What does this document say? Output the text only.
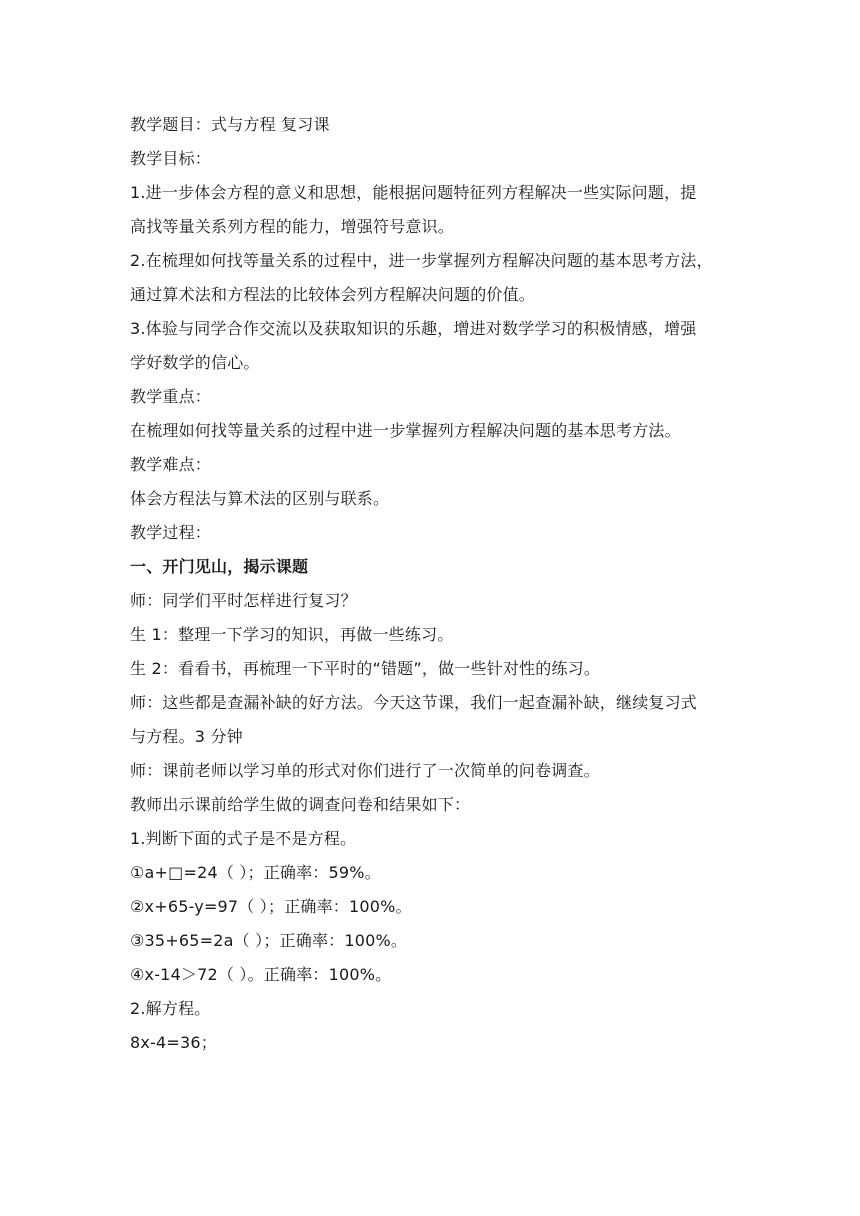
教学题目：式与方程 复习课
教学目标：
1.进一步体会方程的意义和思想，能根据问题特征列方程解决一些实际问题，提
高找等量关系列方程的能力，增强符号意识。
2.在梳理如何找等量关系的过程中，进一步掌握列方程解决问题的基本思考方法，
通过算术法和方程法的比较体会列方程解决问题的价值。
3.体验与同学合作交流以及获取知识的乐趣，增进对数学学习的积极情感，增强
学好数学的信心。
教学重点：
在梳理如何找等量关系的过程中进一步掌握列方程解决问题的基本思考方法。
教学难点：
体会方程法与算术法的区别与联系。
教学过程：
一、开门见山，揭示课题
师：同学们平时怎样进行复习？
生 1：整理一下学习的知识，再做一些练习。
生 2：看看书，再梳理一下平时的“错题”，做一些针对性的练习。
师：这些都是查漏补缺的好方法。今天这节课，我们一起查漏补缺，继续复习式
与方程。3 分钟
师：课前老师以学习单的形式对你们进行了一次简单的问卷调查。
教师出示课前给学生做的调查问卷和结果如下：
1.判断下面的式子是不是方程。
①a+□=24（ ）；正确率：59%。
②x+65-y=97（ ）；正确率：100%。
③35+65=2a（ ）；正确率：100%。
④x-14＞72（ ）。正确率：100%。
2.解方程。
8x-4=36；
